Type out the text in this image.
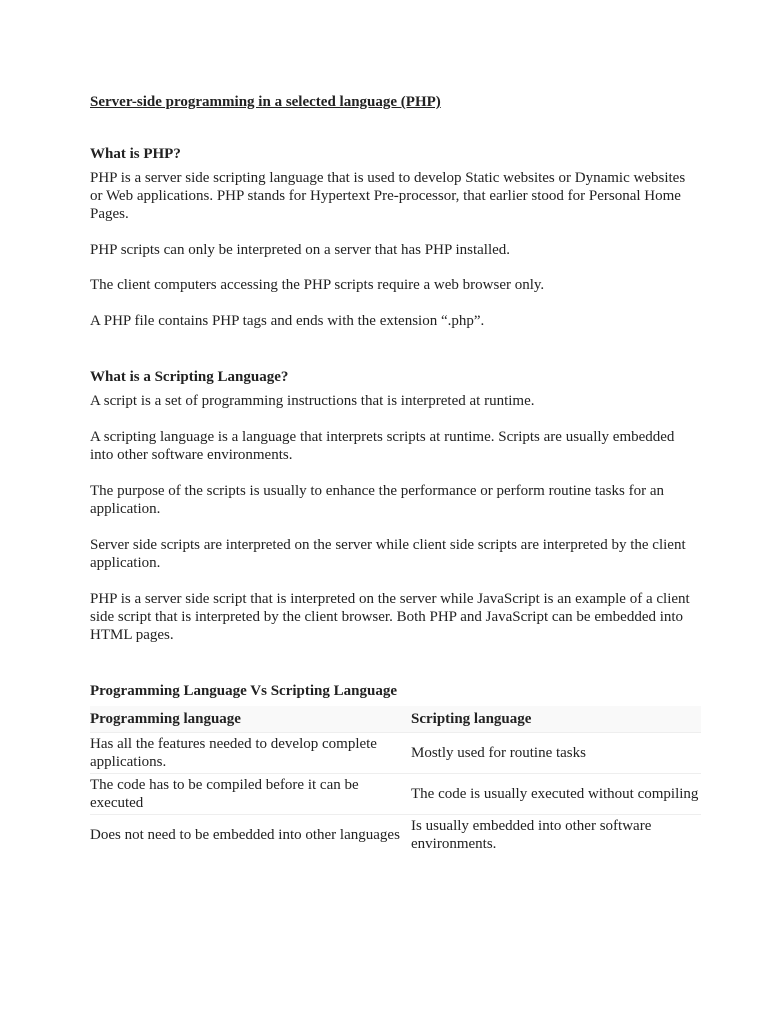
Server-side programming in a selected language (PHP)

What is PHP?

PHP is a server side scripting language that is used to develop Static websites or Dynamic websites or Web applications. PHP stands for Hypertext Pre-processor, that earlier stood for Personal Home Pages.

PHP scripts can only be interpreted on a server that has PHP installed.

The client computers accessing the PHP scripts require a web browser only.

A PHP file contains PHP tags and ends with the extension “.php”.

What is a Scripting Language?

A script is a set of programming instructions that is interpreted at runtime.

A scripting language is a language that interprets scripts at runtime. Scripts are usually embedded into other software environments.

The purpose of the scripts is usually to enhance the performance or perform routine tasks for an application.

Server side scripts are interpreted on the server while client side scripts are interpreted by the client application.

PHP is a server side script that is interpreted on the server while JavaScript is an example of a client side script that is interpreted by the client browser. Both PHP and JavaScript can be embedded into HTML pages.

Programming Language Vs Scripting Language

Programming language	Scripting language
Has all the features needed to develop complete applications.	Mostly used for routine tasks
The code has to be compiled before it can be executed	The code is usually executed without compiling
Does not need to be embedded into other languages	Is usually embedded into other software environments.
